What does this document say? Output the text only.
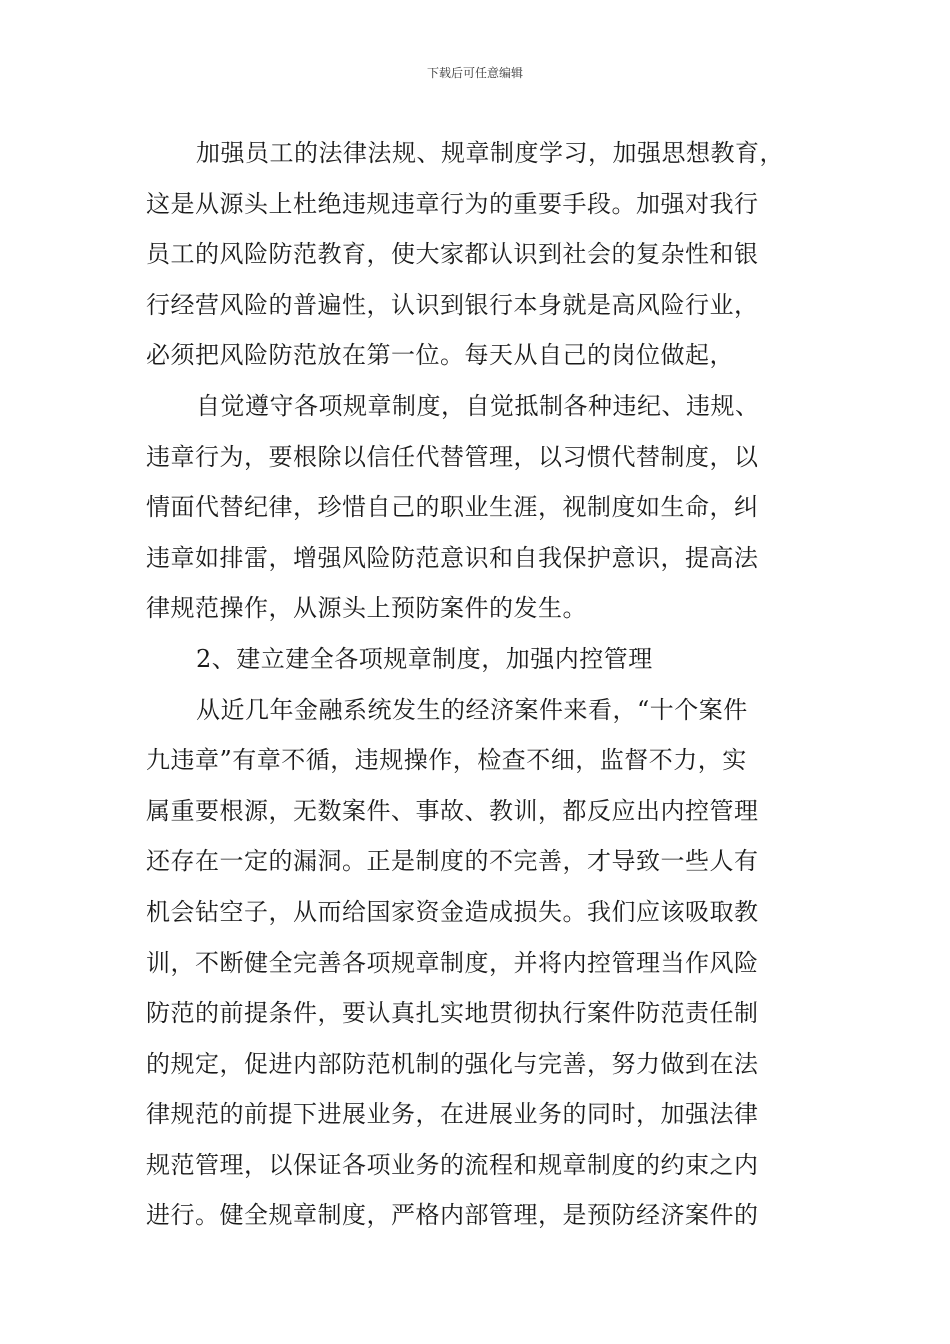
下载后可任意编辑
加强员工的法律法规、规章制度学习，加强思想教育，
这是从源头上杜绝违规违章行为的重要手段。加强对我行
员工的风险防范教育，使大家都认识到社会的复杂性和银
行经营风险的普遍性，认识到银行本身就是高风险行业，
必须把风险防范放在第一位。每天从自己的岗位做起，
自觉遵守各项规章制度，自觉抵制各种违纪、违规、
违章行为，要根除以信任代替管理，以习惯代替制度，以
情面代替纪律，珍惜自己的职业生涯，视制度如生命，纠
违章如排雷，增强风险防范意识和自我保护意识，提高法
律规范操作，从源头上预防案件的发生。
2、建立建全各项规章制度，加强内控管理
从近几年金融系统发生的经济案件来看，“十个案件
九违章”有章不循，违规操作，检查不细，监督不力，实
属重要根源，无数案件、事故、教训，都反应出内控管理
还存在一定的漏洞。正是制度的不完善，才导致一些人有
机会钻空子，从而给国家资金造成损失。我们应该吸取教
训，不断健全完善各项规章制度，并将内控管理当作风险
防范的前提条件，要认真扎实地贯彻执行案件防范责任制
的规定，促进内部防范机制的强化与完善，努力做到在法
律规范的前提下进展业务，在进展业务的同时，加强法律
规范管理，以保证各项业务的流程和规章制度的约束之内
进行。健全规章制度，严格内部管理，是预防经济案件的
